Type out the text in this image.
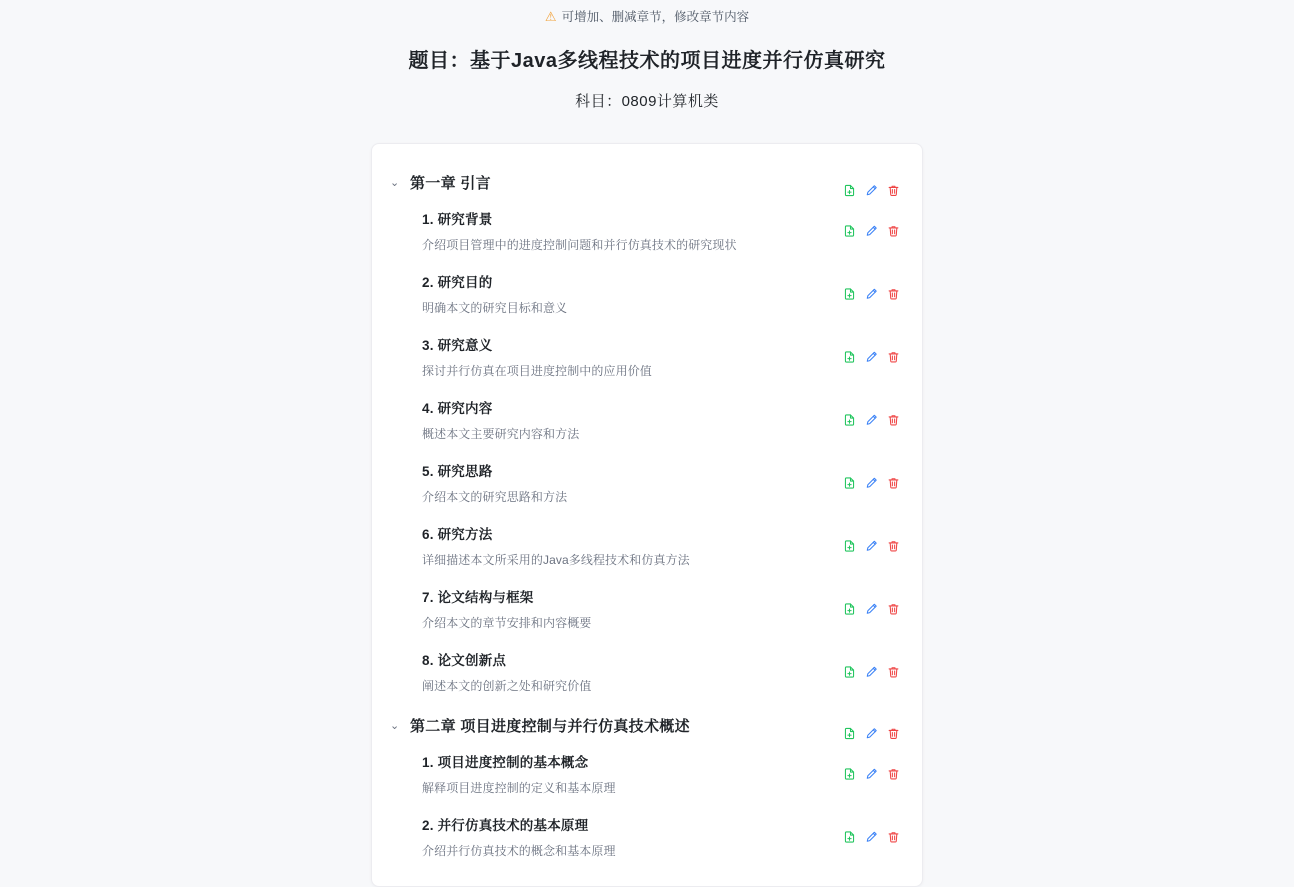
⚠ 可增加、删减章节，修改章节内容
题目：基于Java多线程技术的项目进度并行仿真研究
科目：0809计算机类
⌄ 第一章 引言
1. 研究背景
介绍项目管理中的进度控制问题和并行仿真技术的研究现状
2. 研究目的
明确本文的研究目标和意义
3. 研究意义
探讨并行仿真在项目进度控制中的应用价值
4. 研究内容
概述本文主要研究内容和方法
5. 研究思路
介绍本文的研究思路和方法
6. 研究方法
详细描述本文所采用的Java多线程技术和仿真方法
7. 论文结构与框架
介绍本文的章节安排和内容概要
8. 论文创新点
阐述本文的创新之处和研究价值
⌄ 第二章 项目进度控制与并行仿真技术概述
1. 项目进度控制的基本概念
解释项目进度控制的定义和基本原理
2. 并行仿真技术的基本原理
介绍并行仿真技术的概念和基本原理
